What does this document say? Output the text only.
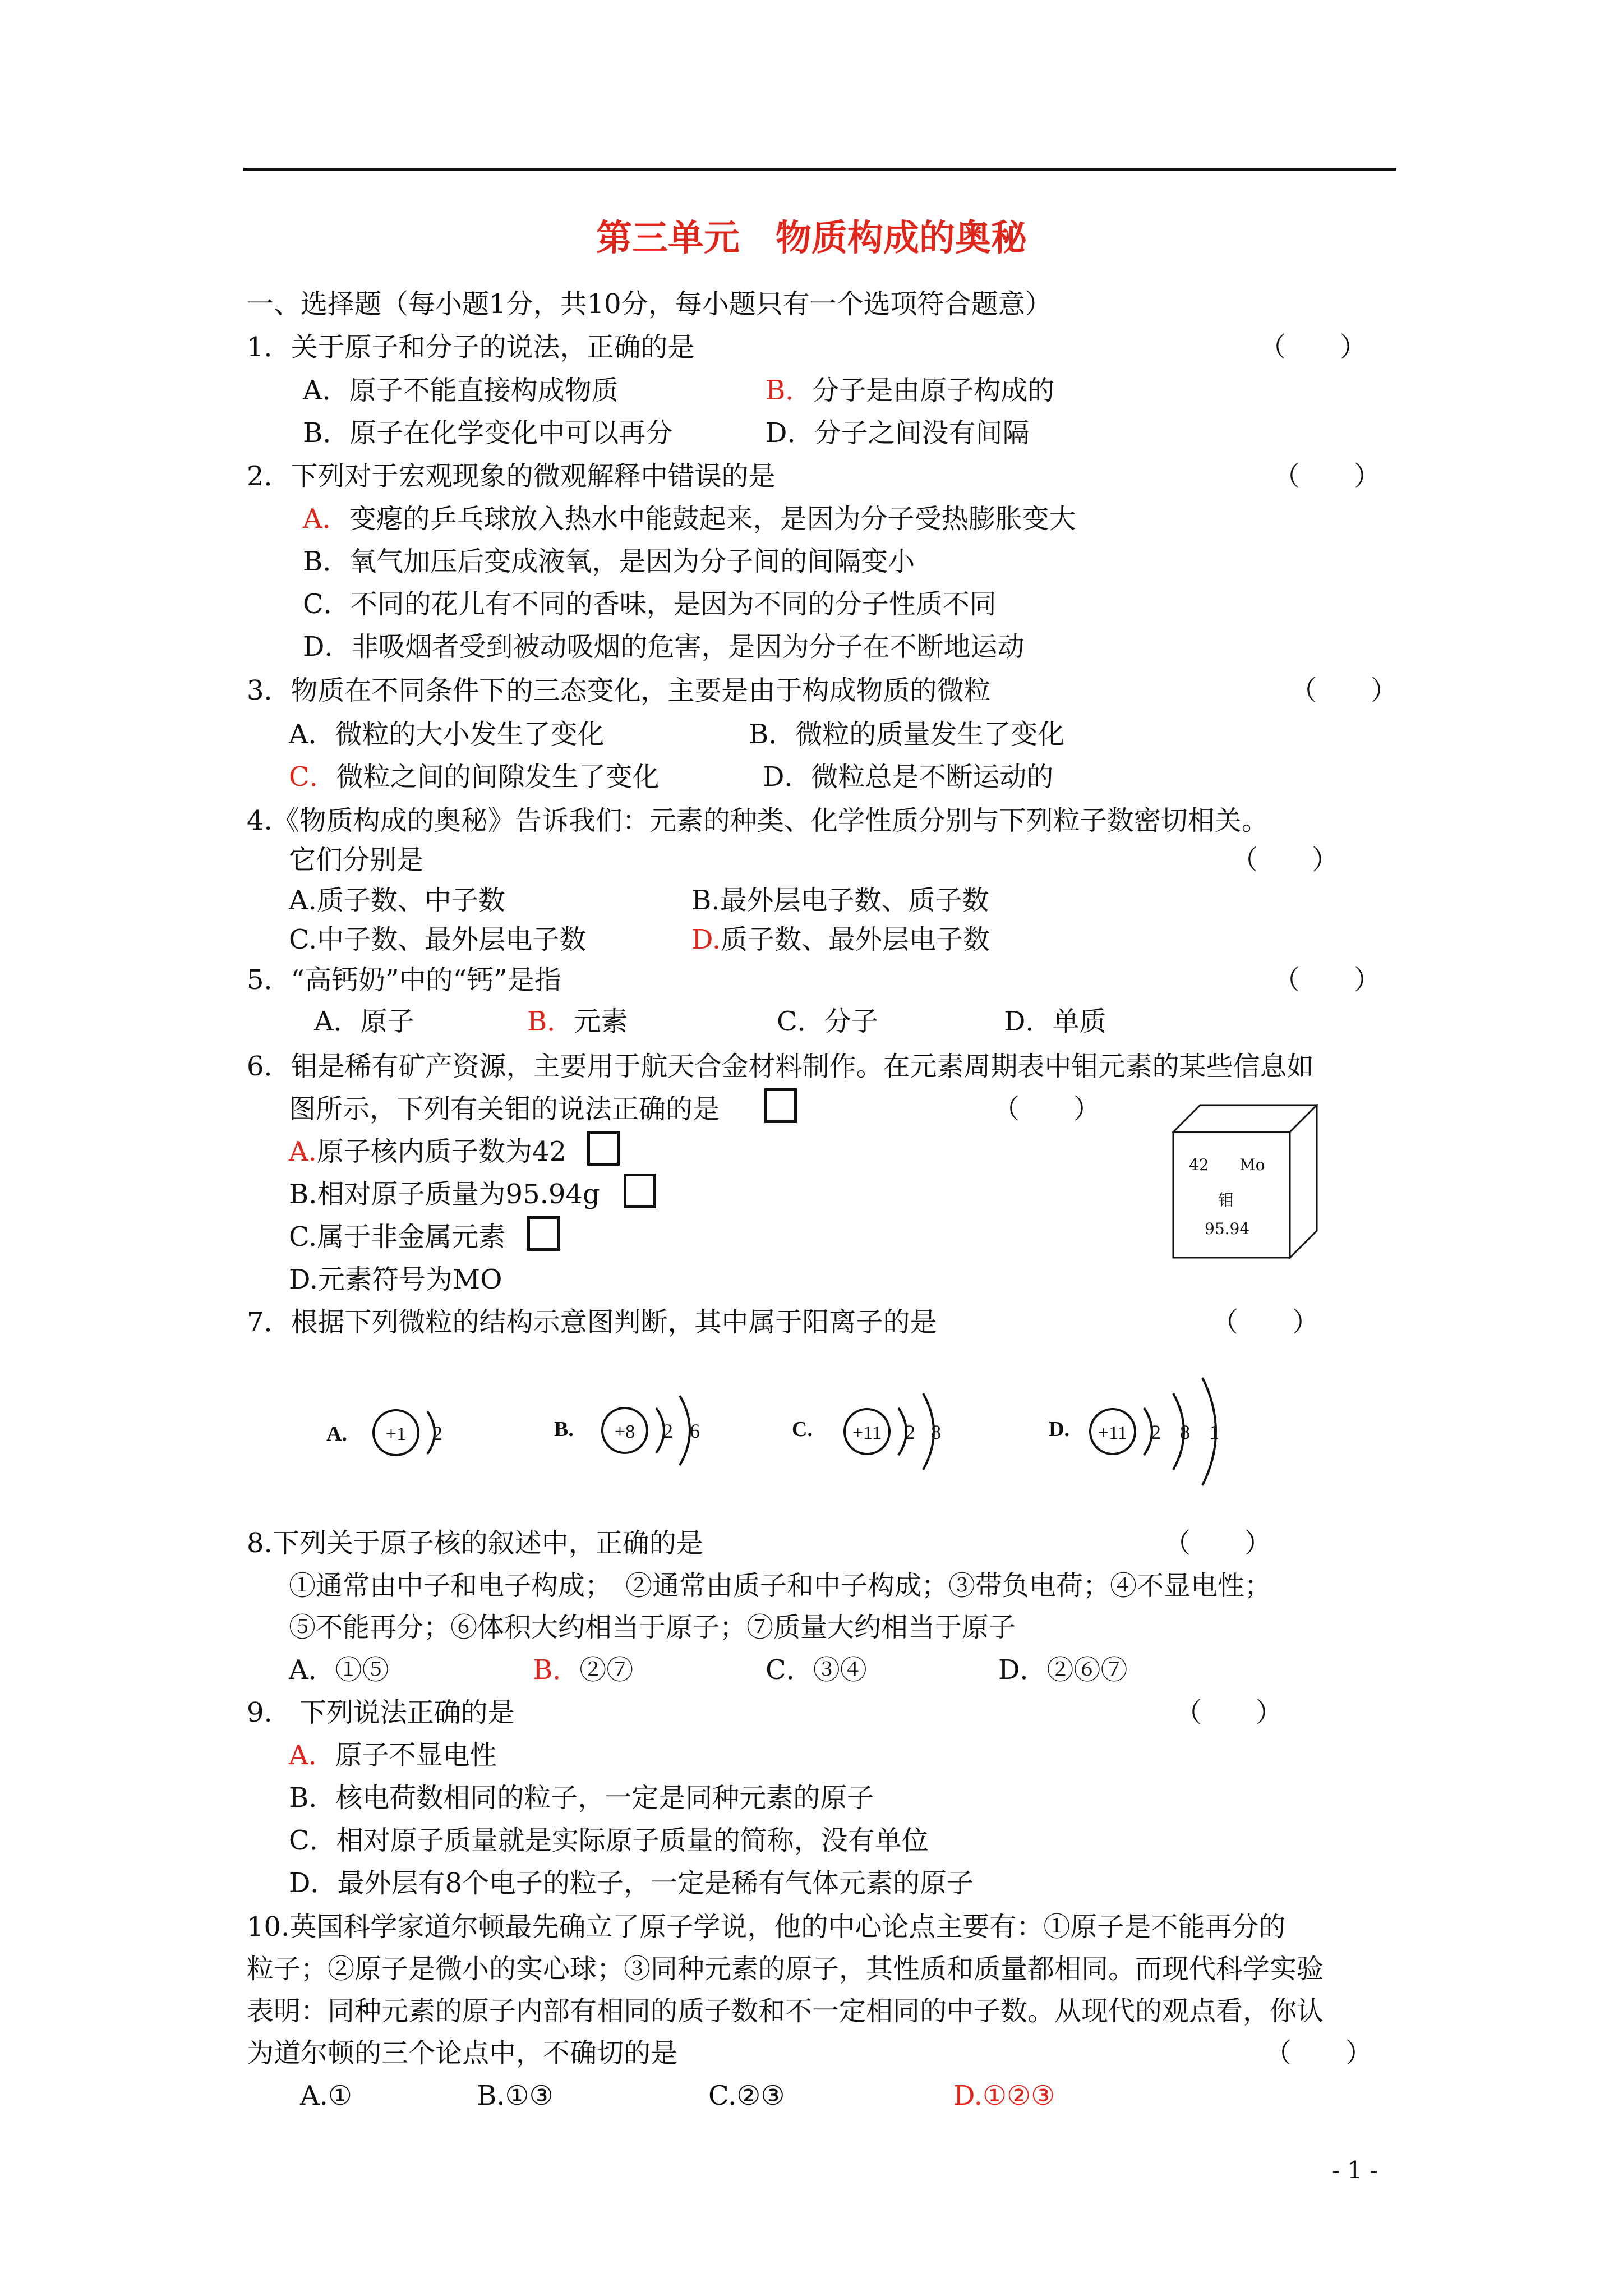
第三单元　物质构成的奥秘
一、选择题（每小题1分，共10分，每小题只有一个选项符合题意）
1．关于原子和分子的说法，正确的是	（　　）
A．原子不能直接构成物质	B．分子是由原子构成的
B．原子在化学变化中可以再分	D．分子之间没有间隔
2．下列对于宏观现象的微观解释中错误的是	（　　）
A．变瘪的乒乓球放入热水中能鼓起来，是因为分子受热膨胀变大
B．氧气加压后变成液氧，是因为分子间的间隔变小
C．不同的花儿有不同的香味，是因为不同的分子性质不同
D．非吸烟者受到被动吸烟的危害，是因为分子在不断地运动
3．物质在不同条件下的三态变化，主要是由于构成物质的微粒	（　　）
A．微粒的大小发生了变化	B．微粒的质量发生了变化
C．微粒之间的间隙发生了变化	D．微粒总是不断运动的
4.《物质构成的奥秘》告诉我们：元素的种类、化学性质分别与下列粒子数密切相关。
它们分别是	（　　）
A.质子数、中子数	B.最外层电子数、质子数
C.中子数、最外层电子数	D.质子数、最外层电子数
5．“高钙奶”中的“钙”是指	（　　）
A．原子	B．元素	C．分子	D．单质
6．钼是稀有矿产资源，主要用于航天合金材料制作。在元素周期表中钼元素的某些信息如
图所示，下列有关钼的说法正确的是	（　　）
A.原子核内质子数为42
B.相对原子质量为95.94g
C.属于非金属元素
D.元素符号为MO
42 Mo
钼
95.94
7．根据下列微粒的结构示意图判断，其中属于阳离子的是	（　　）
A. +1 2	B. +8 2 6	C. +11 2 8	D. +11 2 8 1
8.下列关于原子核的叙述中，正确的是	（　　）
①通常由中子和电子构成；　②通常由质子和中子构成；③带负电荷；④不显电性；
⑤不能再分；⑥体积大约相当于原子；⑦质量大约相当于原子
A．①⑤	B．②⑦	C．③④	D．②⑥⑦
9.　下列说法正确的是	（　　）
A．原子不显电性
B．核电荷数相同的粒子，一定是同种元素的原子
C．相对原子质量就是实际原子质量的简称，没有单位
D．最外层有8个电子的粒子，一定是稀有气体元素的原子
10.英国科学家道尔顿最先确立了原子学说，他的中心论点主要有：①原子是不能再分的
粒子；②原子是微小的实心球；③同种元素的原子，其性质和质量都相同。而现代科学实验
表明：同种元素的原子内部有相同的质子数和不一定相同的中子数。从现代的观点看，你认
为道尔顿的三个论点中，不确切的是	（　　）
A.①	B.①③	C.②③	D.①②③
- 1 -
